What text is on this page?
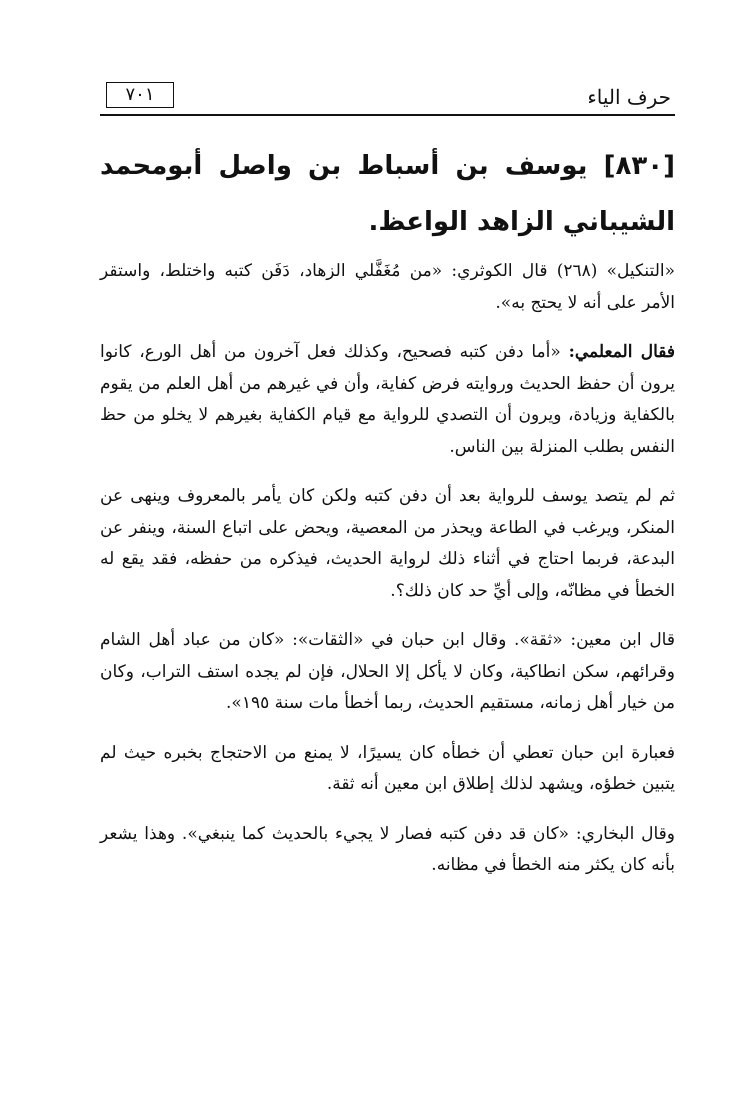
حرف الياء
٧٠١
[٨٣٠] يوسف بن أسباط بن واصل أبومحمد الشيباني الزاهد الواعظ.

«التنكيل» (٢٦٨) قال الكوثري: «من مُغَفَّلي الزهاد، دَفَن كتبه واختلط، واستقر الأمر على أنه لا يحتج به».

فقال المعلمي: «أما دفن كتبه فصحيح، وكذلك فعل آخرون من أهل الورع، كانوا يرون أن حفظ الحديث وروايته فرض كفاية، وأن في غيرهم من أهل العلم من يقوم بالكفاية وزيادة، ويرون أن التصدي للرواية مع قيام الكفاية بغيرهم لا يخلو من حظ النفس بطلب المنزلة بين الناس.

ثم لم يتصد يوسف للرواية بعد أن دفن كتبه ولكن كان يأمر بالمعروف وينهى عن المنكر، ويرغب في الطاعة ويحذر من المعصية، ويحض على اتباع السنة، وينفر عن البدعة، فربما احتاج في أثناء ذلك لرواية الحديث، فيذكره من حفظه، فقد يقع له الخطأ في مظانّه، وإلى أيِّ حد كان ذلك؟.

قال ابن معين: «ثقة». وقال ابن حبان في «الثقات»: «كان من عباد أهل الشام وقرائهم، سكن انطاكية، وكان لا يأكل إلا الحلال، فإن لم يجده استف التراب، وكان من خيار أهل زمانه، مستقيم الحديث، ربما أخطأ مات سنة ١٩٥».

فعبارة ابن حبان تعطي أن خطأه كان يسيرًا، لا يمنع من الاحتجاج بخبره حيث لم يتبين خطؤه، ويشهد لذلك إطلاق ابن معين أنه ثقة.

وقال البخاري: «كان قد دفن كتبه فصار لا يجيء بالحديث كما ينبغي». وهذا يشعر بأنه كان يكثر منه الخطأ في مظانه.
